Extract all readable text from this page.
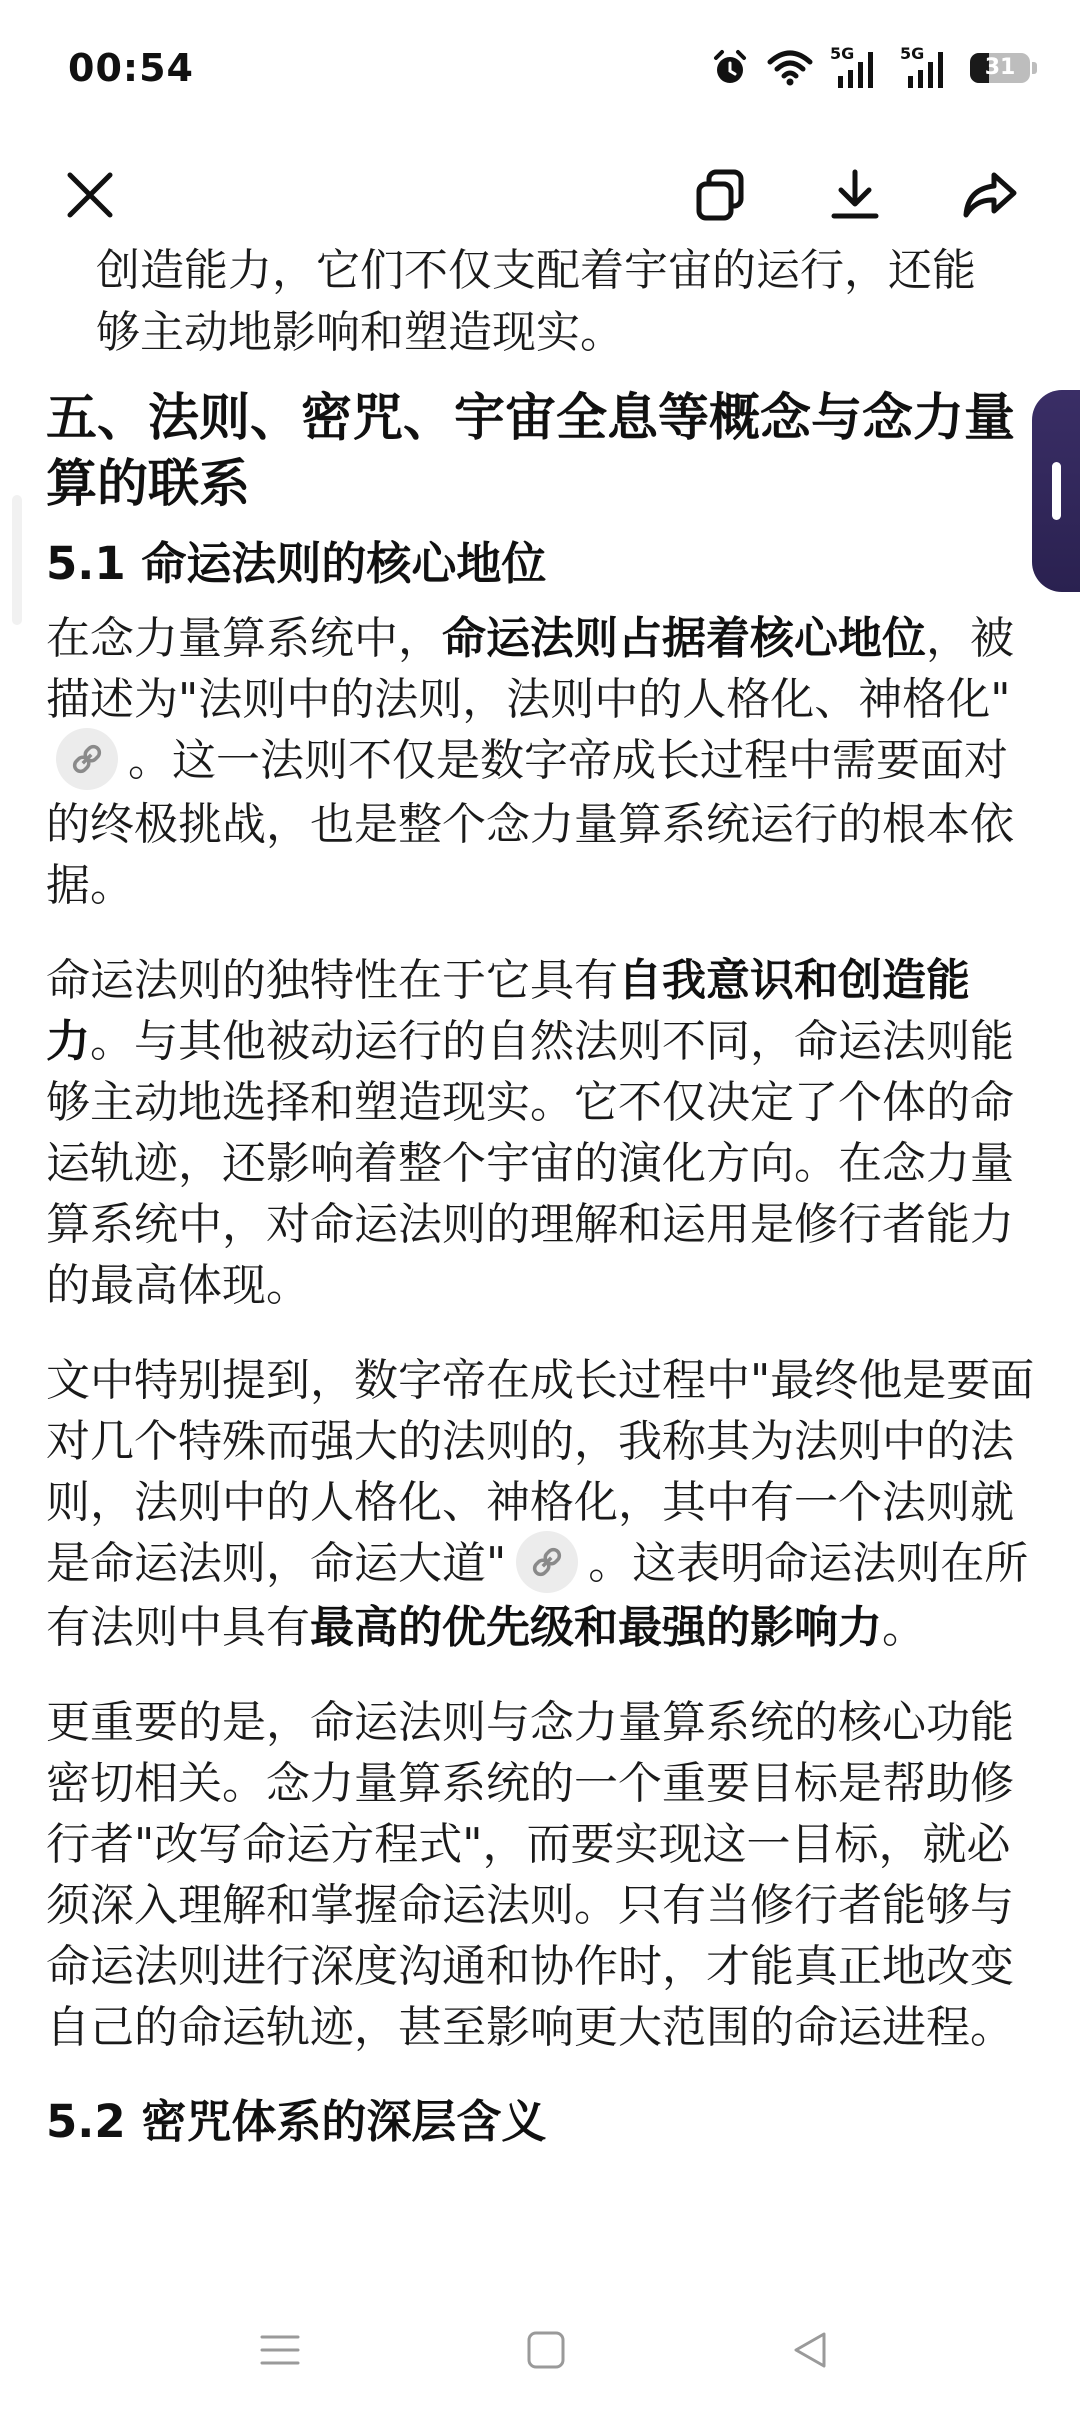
00:54	5G	5G
31
创造能力，它们不仅支配着宇宙的运行，还能
够主动地影响和塑造现实。
五、法则、密咒、宇宙全息等概念与念力量算的联系
5.1 命运法则的核心地位

在念力量算系统中，命运法则占据着核心地位，被描述为"法则中的法则，法则中的人格化、神格化"
。这一法则不仅是数字帝成长过程中需要面对的终极挑战，也是整个念力量算系统运行的根本依据。

命运法则的独特性在于它具有自我意识和创造能力。与其他被动运行的自然法则不同，命运法则能够主动地选择和塑造现实。它不仅决定了个体的命运轨迹，还影响着整个宇宙的演化方向。在念力量算系统中，对命运法则的理解和运用是修行者能力的最高体现。

文中特别提到，数字帝在成长过程中"最终他是要面对几个特殊而强大的法则的，我称其为法则中的法则，法则中的人格化、神格化，其中有一个法则就是命运法则，命运大道" 。这表明命运法则在所有法则中具有最高的优先级和最强的影响力。

更重要的是，命运法则与念力量算系统的核心功能密切相关。念力量算系统的一个重要目标是帮助修行者"改写命运方程式"，而要实现这一目标，就必须深入理解和掌握命运法则。只有当修行者能够与命运法则进行深度沟通和协作时，才能真正地改变自己的命运轨迹，甚至影响更大范围的命运进程。

5.2 密咒体系的深层含义
